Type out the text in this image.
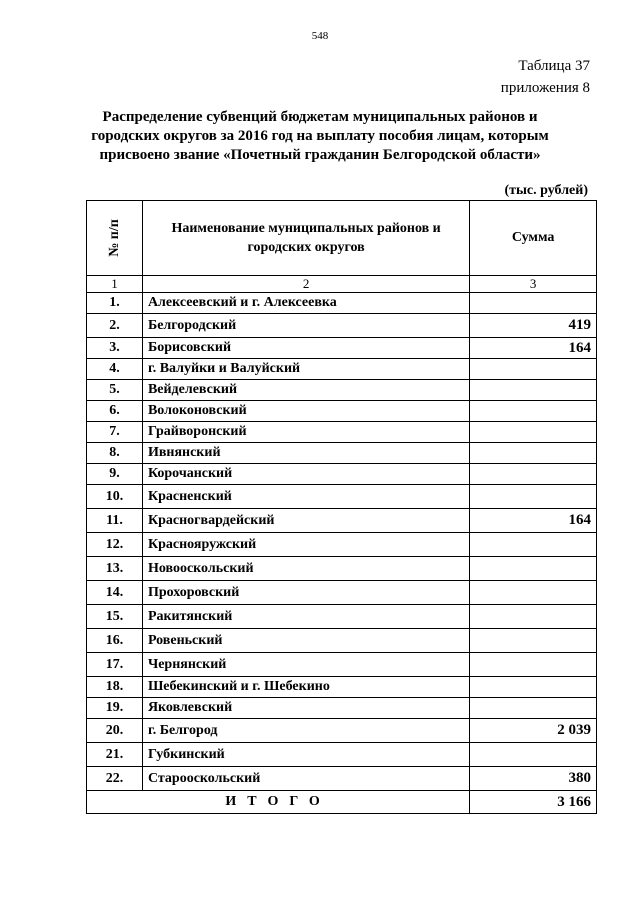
548
Таблица 37
приложения 8
Распределение субвенций бюджетам муниципальных районов и
городских округов за 2016 год на выплату пособия лицам, которым
присвоено звание «Почетный гражданин Белгородской области»
(тыс. рублей)
№ п/п	Наименование муниципальных районов и
городских округов	Сумма
1	2	3
1.	Алексеевский и г. Алексеевка	
2.	Белгородский	419
3.	Борисовский	164
4.	г. Валуйки и Валуйский	
5.	Вейделевский	
6.	Волоконовский	
7.	Грайворонский	
8.	Ивнянский	
9.	Корочанский	
10.	Красненский	
11.	Красногвардейский	164
12.	Краснояружский	
13.	Новооскольский	
14.	Прохоровский	
15.	Ракитянский	
16.	Ровеньский	
17.	Чернянский	
18.	Шебекинский и г. Шебекино	
19.	Яковлевский	
20.	г. Белгород	2 039
21.	Губкинский	
22.	Старооскольский	380
ИТОГО		3 166
